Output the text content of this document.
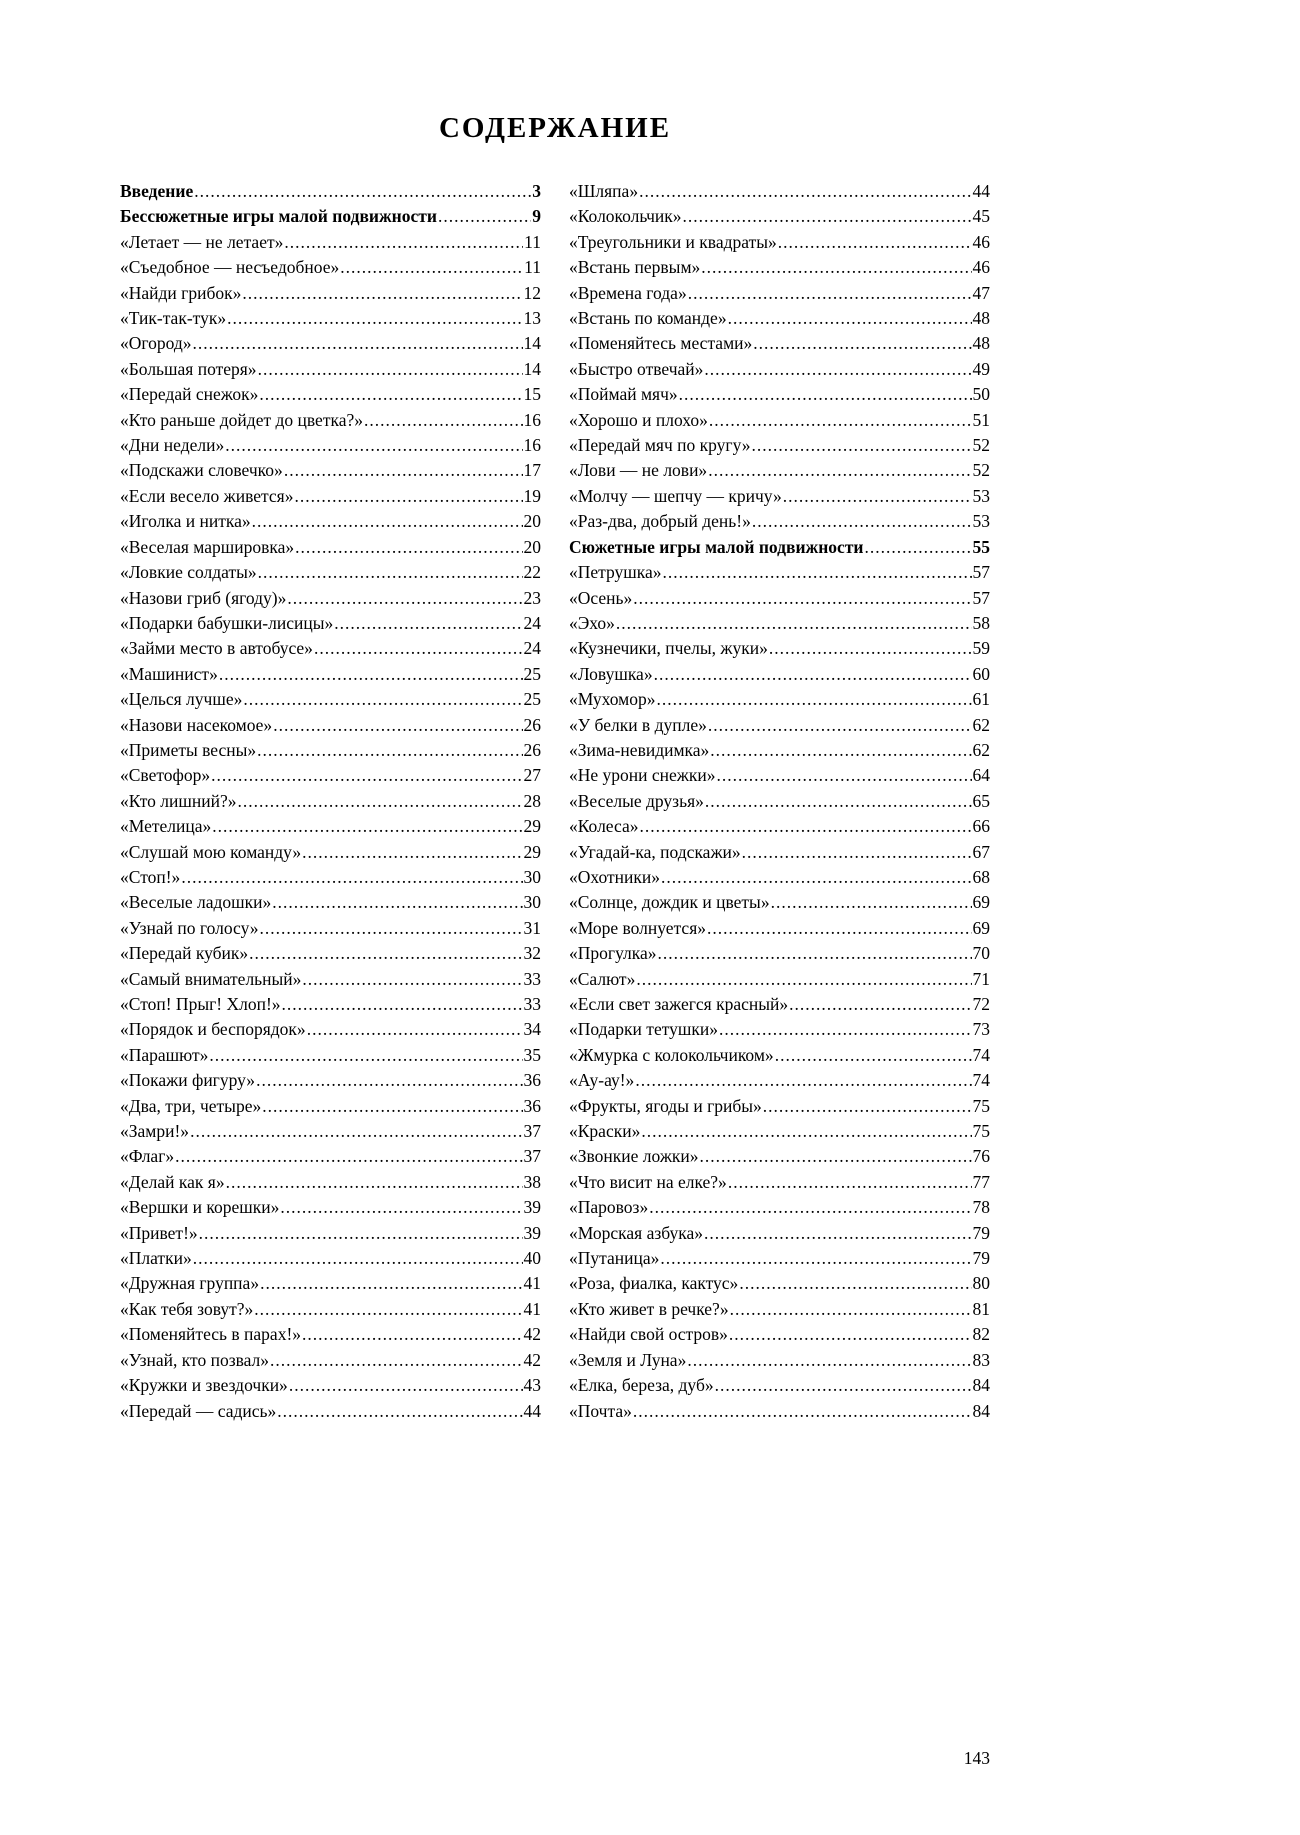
СОДЕРЖАНИЕ
Введение .....	3
Бессюжетные игры малой подвижности .....	9
«Летает — не летает» .....	11
«Съедобное — несъедобное» .....	11
«Найди грибок» .....	12
«Тик-так-тук» .....	13
«Огород» .....	14
«Большая потеря» .....	14
«Передай снежок» .....	15
«Кто раньше дойдет до цветка?» .....	16
«Дни недели» .....	16
«Подскажи словечко» .....	17
«Если весело живется» .....	19
«Иголка и нитка» .....	20
«Веселая маршировка» .....	20
«Ловкие солдаты» .....	22
«Назови гриб (ягоду)» .....	23
«Подарки бабушки-лисицы» .....	24
«Займи место в автобусе» .....	24
«Машинист» .....	25
«Целься лучше» .....	25
«Назови насекомое» .....	26
«Приметы весны» .....	26
«Светофор» .....	27
«Кто лишний?» .....	28
«Метелица» .....	29
«Слушай мою команду» .....	29
«Стоп!» .....	30
«Веселые ладошки» .....	30
«Узнай по голосу» .....	31
«Передай кубик» .....	32
«Самый внимательный» .....	33
«Стоп! Прыг! Хлоп!» .....	33
«Порядок и беспорядок» .....	34
«Парашют» .....	35
«Покажи фигуру» .....	36
«Два, три, четыре» .....	36
«Замри!» .....	37
«Флаг» .....	37
«Делай как я» .....	38
«Вершки и корешки» .....	39
«Привет!» .....	39
«Платки» .....	40
«Дружная группа» .....	41
«Как тебя зовут?» .....	41
«Поменяйтесь в парах!» .....	42
«Узнай, кто позвал» .....	42
«Кружки и звездочки» .....	43
«Передай — садись» .....	44
«Шляпа» .....	44
«Колокольчик» .....	45
«Треугольники и квадраты» .....	46
«Встань первым» .....	46
«Времена года» .....	47
«Встань по команде» .....	48
«Поменяйтесь местами» .....	48
«Быстро отвечай» .....	49
«Поймай мяч» .....	50
«Хорошо и плохо» .....	51
«Передай мяч по кругу» .....	52
«Лови — не лови» .....	52
«Молчу — шепчу — кричу» .....	53
«Раз-два, добрый день!» .....	53
Сюжетные игры малой подвижности .....	55
«Петрушка» .....	57
«Осень» .....	57
«Эхо» .....	58
«Кузнечики, пчелы, жуки» .....	59
«Ловушка» .....	60
«Мухомор» .....	61
«У белки в дупле» .....	62
«Зима-невидимка» .....	62
«Не урони снежки» .....	64
«Веселые друзья» .....	65
«Колеса» .....	66
«Угадай-ка, подскажи» .....	67
«Охотники» .....	68
«Солнце, дождик и цветы» .....	69
«Море волнуется» .....	69
«Прогулка» .....	70
«Салют» .....	71
«Если свет зажегся красный» .....	72
«Подарки тетушки» .....	73
«Жмурка с колокольчиком» .....	74
«Ау-ау!» .....	74
«Фрукты, ягоды и грибы» .....	75
«Краски» .....	75
«Звонкие ложки» .....	76
«Что висит на елке?» .....	77
«Паровоз» .....	78
«Морская азбука» .....	79
«Путаница» .....	79
«Роза, фиалка, кактус» .....	80
«Кто живет в речке?» .....	81
«Найди свой остров» .....	82
«Земля и Луна» .....	83
«Елка, береза, дуб» .....	84
«Почта» .....	84
143
